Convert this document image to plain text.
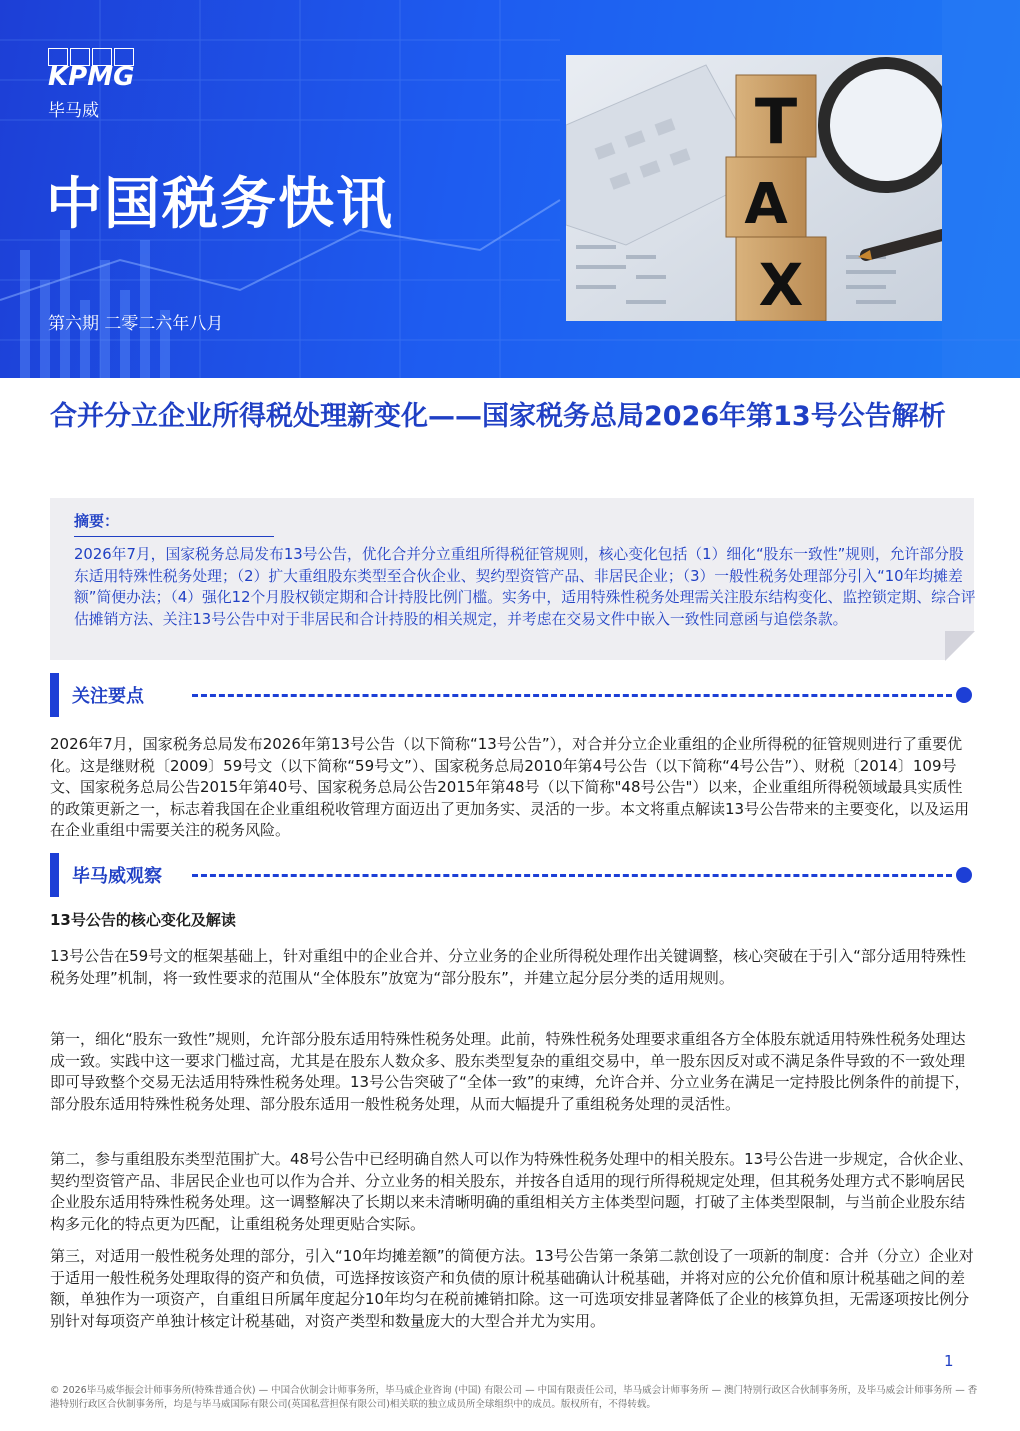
KPMG
毕马威
中国税务快讯
第六期 二零二六年八月
T
A
X
合并分立企业所得税处理新变化——国家税务总局2026年第13号公告解析
摘要：
2026年7月，国家税务总局发布13号公告，优化合并分立重组所得税征管规则，核心变化包括（1）细化“股东一致性”规则，允许部分股东适用特殊性税务处理；（2）扩大重组股东类型至合伙企业、契约型资管产品、非居民企业；（3）一般性税务处理部分引入“10年均摊差额”简便办法；（4）强化12个月股权锁定期和合计持股比例门槛。实务中，适用特殊性税务处理需关注股东结构变化、监控锁定期、综合评估摊销方法、关注13号公告中对于非居民和合计持股的相关规定，并考虑在交易文件中嵌入一致性同意函与追偿条款。
关注要点
2026年7月，国家税务总局发布2026年第13号公告（以下简称“13号公告”），对合并分立企业重组的企业所得税的征管规则进行了重要优化。这是继财税〔2009〕59号文（以下简称“59号文”）、国家税务总局2010年第4号公告（以下简称“4号公告”）、财税〔2014〕109号文、国家税务总局公告2015年第40号、国家税务总局公告2015年第48号（以下简称"48号公告"）以来，企业重组所得税领域最具实质性的政策更新之一，标志着我国在企业重组税收管理方面迈出了更加务实、灵活的一步。本文将重点解读13号公告带来的主要变化，以及运用在企业重组中需要关注的税务风险。
毕马威观察
13号公告的核心变化及解读
13号公告在59号文的框架基础上，针对重组中的企业合并、分立业务的企业所得税处理作出关键调整，核心突破在于引入“部分适用特殊性税务处理”机制，将一致性要求的范围从“全体股东”放宽为“部分股东”，并建立起分层分类的适用规则。
第一，细化“股东一致性”规则，允许部分股东适用特殊性税务处理。此前，特殊性税务处理要求重组各方全体股东就适用特殊性税务处理达成一致。实践中这一要求门槛过高，尤其是在股东人数众多、股东类型复杂的重组交易中，单一股东因反对或不满足条件导致的不一致处理即可导致整个交易无法适用特殊性税务处理。13号公告突破了“全体一致”的束缚，允许合并、分立业务在满足一定持股比例条件的前提下，部分股东适用特殊性税务处理、部分股东适用一般性税务处理，从而大幅提升了重组税务处理的灵活性。
第二，参与重组股东类型范围扩大。48号公告中已经明确自然人可以作为特殊性税务处理中的相关股东。13号公告进一步规定，合伙企业、契约型资管产品、非居民企业也可以作为合并、分立业务的相关股东，并按各自适用的现行所得税规定处理，但其税务处理方式不影响居民企业股东适用特殊性税务处理。这一调整解决了长期以来未清晰明确的重组相关方主体类型问题，打破了主体类型限制，与当前企业股东结构多元化的特点更为匹配，让重组税务处理更贴合实际。
第三，对适用一般性税务处理的部分，引入“10年均摊差额”的简便方法。13号公告第一条第二款创设了一项新的制度：合并（分立）企业对于适用一般性税务处理取得的资产和负债，可选择按该资产和负债的原计税基础确认计税基础，并将对应的公允价值和原计税基础之间的差额，单独作为一项资产，自重组日所属年度起分10年均匀在税前摊销扣除。这一可选项安排显著降低了企业的核算负担，无需逐项按比例分别针对每项资产单独计核定计税基础，对资产类型和数量庞大的大型合并尤为实用。
1
© 2026毕马威华振会计师事务所(特殊普通合伙) — 中国合伙制会计师事务所，毕马威企业咨询 (中国) 有限公司 — 中国有限责任公司，毕马威会计师事务所 — 澳门特别行政区合伙制事务所，及毕马威会计师事务所 — 香港特别行政区合伙制事务所，均是与毕马威国际有限公司(英国私营担保有限公司)相关联的独立成员所全球组织中的成员。版权所有，不得转载。
